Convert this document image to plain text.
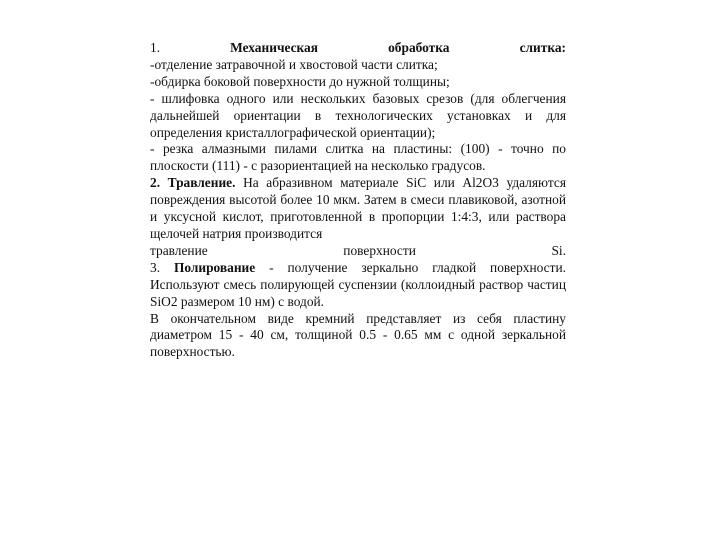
1.	Механическая	обработка	слитка:

-отделение затравочной и хвостовой части слитка;

-обдирка боковой поверхности до нужной толщины;

- шлифовка одного или нескольких базовых срезов (для облегчения дальнейшей ориентации в технологических установках и для определения кристаллографической ориентации);

- резка алмазными пилами слитка на пластины: (100) - точно по плоскости (111) - с разориентацией на несколько градусов.

2. Травление. На абразивном материале SiC или Al2O3 удаляются повреждения высотой более 10 мкм. Затем в смеси плавиковой, азотной и уксусной кислот, приготовленной в пропорции 1:4:3, или раствора щелочей натрия производится

травление	поверхности	Si.

3. Полирование - получение зеркально гладкой поверхности. Используют смесь полирующей суспензии (коллоидный раствор частиц SiO2 размером 10 нм) с водой.

В окончательном виде кремний представляет из себя пластину диаметром 15 - 40 см, толщиной 0.5 - 0.65 мм с одной зеркальной поверхностью.
